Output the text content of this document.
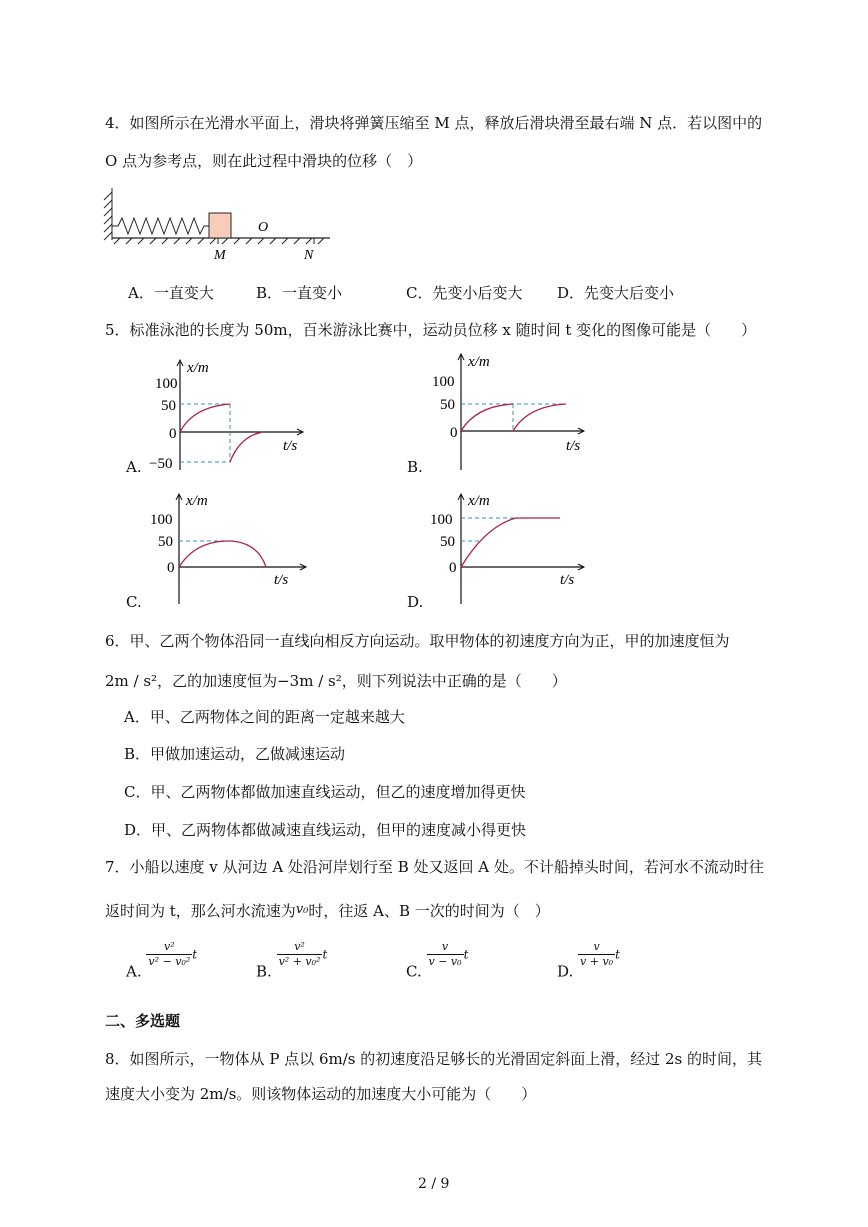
4．如图所示在光滑水平面上，滑块将弹簧压缩至 M 点，释放后滑块滑至最右端 N 点．若以图中的
O 点为参考点，则在此过程中滑块的位移（　）
M
O
N
A．一直变大	B．一直变小	C．先变小后变大 D．先变大后变小
5．标准泳池的长度为 50m，百米游泳比赛中，运动员位移 x 随时间 t 变化的图像可能是（　　）
x/m
100
50
0
−50
t/s
A.
x/m
100
50
0
t/s
B.
x/m
100
50
0
t/s
C.
x/m
100
50
0
t/s
D.
6．甲、乙两个物体沿同一直线向相反方向运动。取甲物体的初速度方向为正，甲的加速度恒为
2m / s²，乙的加速度恒为−3m / s²，则下列说法中正确的是（　　）
A．甲、乙两物体之间的距离一定越来越大
B．甲做加速运动，乙做减速运动
C．甲、乙两物体都做加速直线运动，但乙的速度增加得更快
D．甲、乙两物体都做减速直线运动，但甲的速度减小得更快
7．小船以速度 v 从河边 A 处沿河岸划行至 B 处又返回 A 处。不计船掉头时间，若河水不流动时往
返时间为 t，那么河水流速为v₀时，往返 A、B 一次的时间为（　）
A.
$\frac{\text{v²}}{\text{v² − v₀²}}$ t
B.
$\frac{\text{v²}}{\text{v² + v₀²}}$ t
C.
$\frac{v}{\text{v − v₀}}$ t
D.
$\frac{v}{\text{v + v₀}}$ t
二、多选题
8．如图所示，一物体从 P 点以 6m/s 的初速度沿足够长的光滑固定斜面上滑，经过 2s 的时间，其
速度大小变为 2m/s。则该物体运动的加速度大小可能为（　　）
2 / 9
